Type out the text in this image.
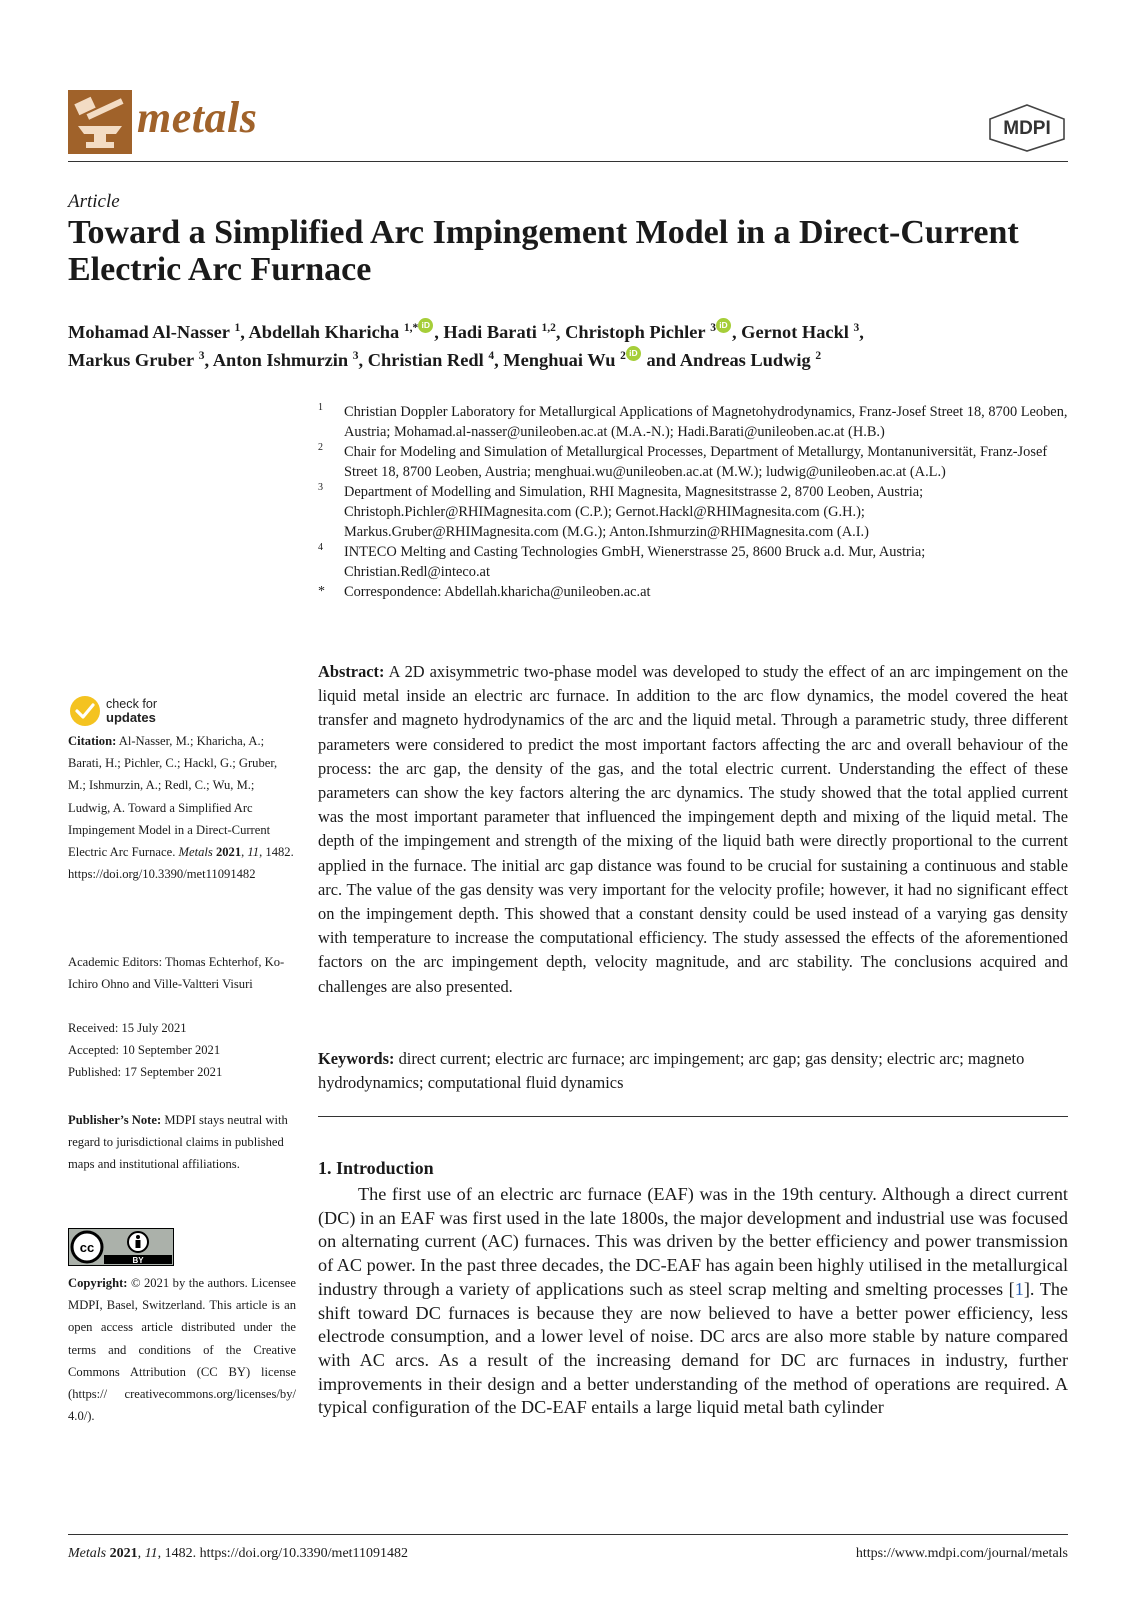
metals	MDPI
Article
Toward a Simplified Arc Impingement Model in a Direct-Current Electric Arc Furnace
Mohamad Al-Nasser $^1$, Abdellah Kharicha $^{1,*}$ iD , Hadi Barati $^{1,2}$, Christoph Pichler $^3$ iD , Gernot Hackl $^3$,
Markus Gruber $^3$, Anton Ishmurzin $^3$, Christian Redl $^4$, Menghuai Wu $^2$ iD and Andreas Ludwig $^2$

1 Christian Doppler Laboratory for Metallurgical Applications of Magnetohydrodynamics, Franz-Josef Street 18, 8700 Leoben, Austria; Mohamad.al-nasser@unileoben.ac.at (M.A.-N.); Hadi.Barati@unileoben.ac.at (H.B.)

2 Chair for Modeling and Simulation of Metallurgical Processes, Department of Metallurgy, Montanuniversität, Franz-Josef Street 18, 8700 Leoben, Austria; menghuai.wu@unileoben.ac.at (M.W.); ludwig@unileoben.ac.at (A.L.)

3 Department of Modelling and Simulation, RHI Magnesita, Magnesitstrasse 2, 8700 Leoben, Austria; Christoph.Pichler@RHIMagnesita.com (C.P.); Gernot.Hackl@RHIMagnesita.com (G.H.); Markus.Gruber@RHIMagnesita.com (M.G.); Anton.Ishmurzin@RHIMagnesita.com (A.I.)

4 INTECO Melting and Casting Technologies GmbH, Wienerstrasse 25, 8600 Bruck a.d. Mur, Austria; Christian.Redl@inteco.at

* Correspondence: Abdellah.kharicha@unileoben.ac.at

check for
updates
Citation: Al-Nasser, M.; Kharicha, A.; Barati, H.; Pichler, C.; Hackl, G.; Gruber, M.; Ishmurzin, A.; Redl, C.; Wu, M.; Ludwig, A. Toward a Simplified Arc Impingement Model in a Direct-Current Electric Arc Furnace. Metals 2021, 11, 1482. https://doi.org/10.3390/met11091482
Academic Editors: Thomas Echterhof, Ko-Ichiro Ohno and Ville-Valtteri Visuri
Received: 15 July 2021
Accepted: 10 September 2021
Published: 17 September 2021
Publisher’s Note: MDPI stays neutral with regard to jurisdictional claims in published maps and institutional affiliations.
cc
BY
Copyright: © 2021 by the authors. Licensee MDPI, Basel, Switzerland. This article is an open access article distributed under the terms and conditions of the Creative Commons Attribution (CC BY) license (https:// creativecommons.org/licenses/by/ 4.0/).
Abstract: A 2D axisymmetric two-phase model was developed to study the effect of an arc impingement on the liquid metal inside an electric arc furnace. In addition to the arc flow dynamics, the model covered the heat transfer and magneto hydrodynamics of the arc and the liquid metal. Through a parametric study, three different parameters were considered to predict the most important factors affecting the arc and overall behaviour of the process: the arc gap, the density of the gas, and the total electric current. Understanding the effect of these parameters can show the key factors altering the arc dynamics. The study showed that the total applied current was the most important parameter that influenced the impingement depth and mixing of the liquid metal. The depth of the impingement and strength of the mixing of the liquid bath were directly proportional to the current applied in the furnace. The initial arc gap distance was found to be crucial for sustaining a continuous and stable arc. The value of the gas density was very important for the velocity profile; however, it had no significant effect on the impingement depth. This showed that a constant density could be used instead of a varying gas density with temperature to increase the computational efficiency. The study assessed the effects of the aforementioned factors on the arc impingement depth, velocity magnitude, and arc stability. The conclusions acquired and challenges are also presented.
Keywords: direct current; electric arc furnace; arc impingement; arc gap; gas density; electric arc; magneto hydrodynamics; computational fluid dynamics
1. Introduction

The first use of an electric arc furnace (EAF) was in the 19th century. Although a direct current (DC) in an EAF was first used in the late 1800s, the major development and industrial use was focused on alternating current (AC) furnaces. This was driven by the better efficiency and power transmission of AC power. In the past three decades, the DC-EAF has again been highly utilised in the metallurgical industry through a variety of applications such as steel scrap melting and smelting processes [1]. The shift toward DC furnaces is because they are now believed to have a better power efficiency, less electrode consumption, and a lower level of noise. DC arcs are also more stable by nature compared with AC arcs. As a result of the increasing demand for DC arc furnaces in industry, further improvements in their design and a better understanding of the method of operations are required. A typical configuration of the DC-EAF entails a large liquid metal bath cylinder

Metals 2021, 11, 1482. https://doi.org/10.3390/met11091482	https://www.mdpi.com/journal/metals
